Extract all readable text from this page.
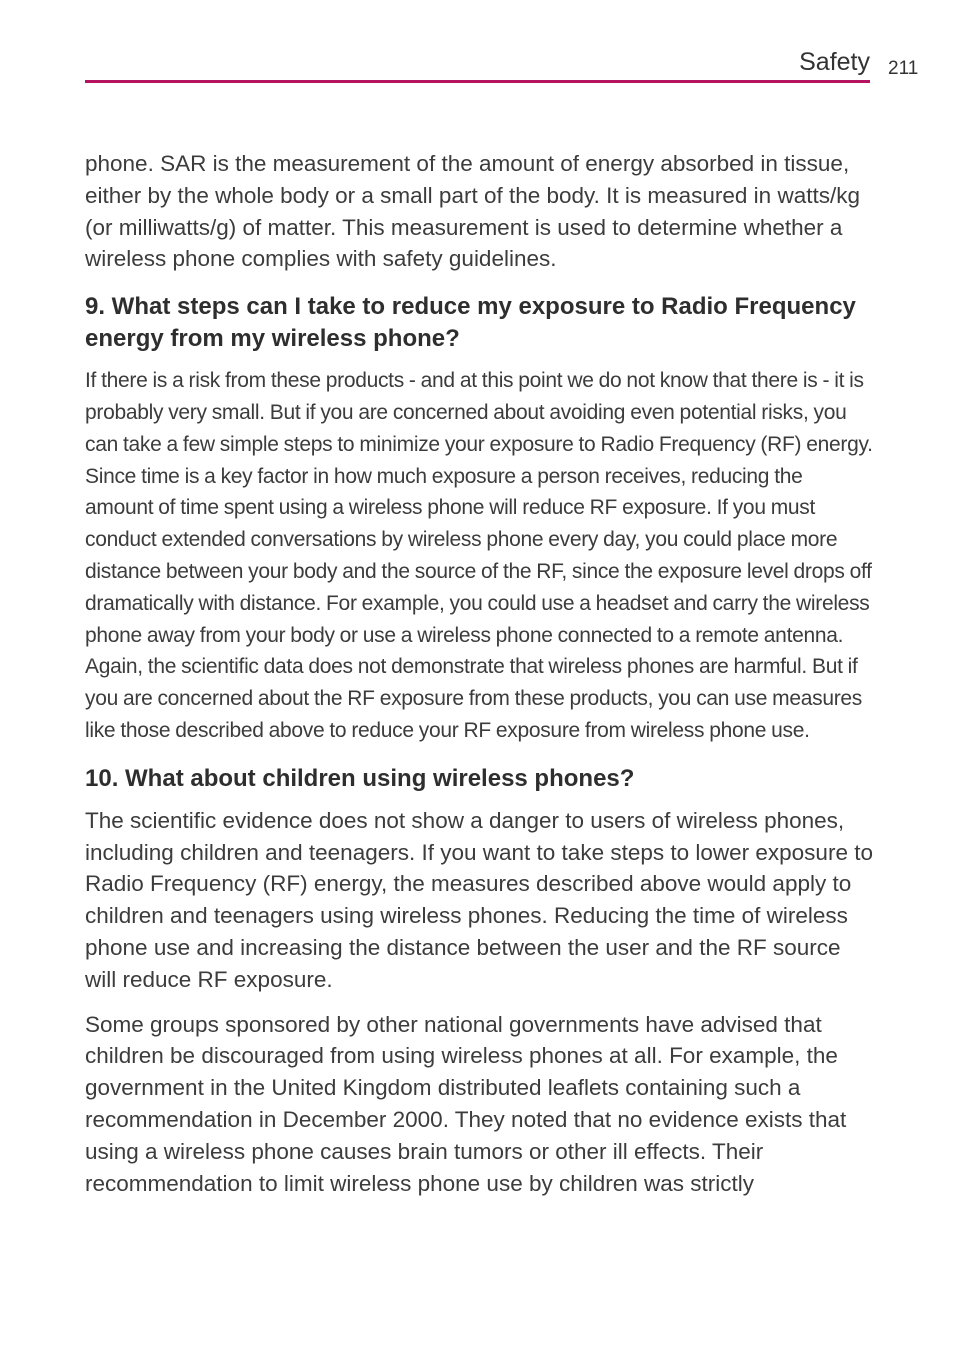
Safety 211

phone. SAR is the measurement of the amount of energy absorbed in tissue, either by the whole body or a small part of the body. It is measured in watts/kg (or milliwatts/g) of matter. This measurement is used to determine whether a wireless phone complies with safety guidelines.

9. What steps can I take to reduce my exposure to Radio Frequency energy from my wireless phone?

If there is a risk from these products - and at this point we do not know that there is - it is probably very small. But if you are concerned about avoiding even potential risks, you can take a few simple steps to minimize your exposure to Radio Frequency (RF) energy. Since time is a key factor in how much exposure a person receives, reducing the amount of time spent using a wireless phone will reduce RF exposure. If you must conduct extended conversations by wireless phone every day, you could place more distance between your body and the source of the RF, since the exposure level drops off dramatically with distance. For example, you could use a headset and carry the wireless phone away from your body or use a wireless phone connected to a remote antenna. Again, the scientific data does not demonstrate that wireless phones are harmful. But if you are concerned about the RF exposure from these products, you can use measures like those described above to reduce your RF exposure from wireless phone use.

10. What about children using wireless phones?

The scientific evidence does not show a danger to users of wireless phones, including children and teenagers. If you want to take steps to lower exposure to Radio Frequency (RF) energy, the measures described above would apply to children and teenagers using wireless phones. Reducing the time of wireless phone use and increasing the distance between the user and the RF source will reduce RF exposure.

Some groups sponsored by other national governments have advised that children be discouraged from using wireless phones at all. For example, the government in the United Kingdom distributed leaflets containing such a recommendation in December 2000. They noted that no evidence exists that using a wireless phone causes brain tumors or other ill effects. Their recommendation to limit wireless phone use by children was strictly
